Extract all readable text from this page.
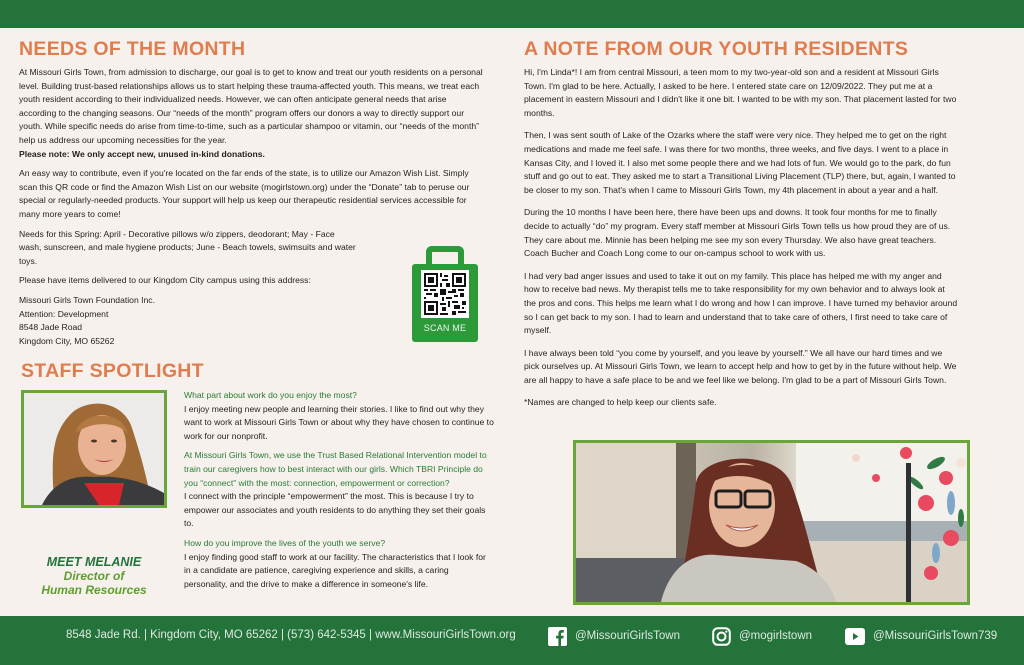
NEEDS OF THE MONTH

At Missouri Girls Town, from admission to discharge, our goal is to get to know and treat our youth residents on a personal level. Building trust-based relationships allows us to start helping these trauma-affected youth. This means, we treat each youth resident according to their individualized needs. However, we can often anticipate general needs that arise according to the changing seasons. Our “needs of the month” program offers our donors a way to directly support our youth. While specific needs do arise from time-to-time, such as a particular shampoo or vitamin, our “needs of the month” help us address our upcoming necessities for the year.

Please note: We only accept new, unused in-kind donations.

An easy way to contribute, even if you're located on the far ends of the state, is to utilize our Amazon Wish List. Simply scan this QR code or find the Amazon Wish List on our website (mogirlstown.org) under the “Donate” tab to peruse our special or regularly-needed products. Your support will help us keep our therapeutic residential services accessible for many more years to come!

Needs for this Spring: April - Decorative pillows w/o zippers, deodorant; May - Face wash, sunscreen, and male hygiene products; June - Beach towels, swimsuits and water toys.

Please have items delivered to our Kingdom City campus using this address:

Missouri Girls Town Foundation Inc.
Attention: Development
8548 Jade Road
Kingdom City, MO 65262
SCAN ME
STAFF SPOTLIGHT
MEET MELANIE
Director of
Human Resources

What part about work do you enjoy the most?
I enjoy meeting new people and learning their stories. I like to find out why they want to work at Missouri Girls Town or about why they have chosen to continue to work for our nonprofit.

At Missouri Girls Town, we use the Trust Based Relational Intervention model to train our caregivers how to best interact with our girls. Which TBRI Principle do you “connect” with the most: connection, empowerment or correction?
I connect with the principle “empowerment” the most. This is because I try to empower our associates and youth residents to do anything they set their goals to.

How do you improve the lives of the youth we serve?
I enjoy finding good staff to work at our facility. The characteristics that I look for in a candidate are patience, caregiving experience and skills, a caring personality, and the drive to make a difference in someone's life.

A NOTE FROM OUR YOUTH RESIDENTS

Hi, I'm Linda*! I am from central Missouri, a teen mom to my two-year-old son and a resident at Missouri Girls Town. I'm glad to be here. Actually, I asked to be here. I entered state care on 12/09/2022. They put me at a placement in eastern Missouri and I didn't like it one bit. I wanted to be with my son. That placement lasted for two months.

Then, I was sent south of Lake of the Ozarks where the staff were very nice. They helped me to get on the right medications and made me feel safe. I was there for two months, three weeks, and five days. I went to a place in Kansas City, and I loved it. I also met some people there and we had lots of fun. We would go to the park, do fun stuff and go out to eat. They asked me to start a Transitional Living Placement (TLP) there, but, again, I wanted to be closer to my son. That's when I came to Missouri Girls Town, my 4th placement in about a year and a half.

During the 10 months I have been here, there have been ups and downs. It took four months for me to finally decide to actually “do” my program. Every staff member at Missouri Girls Town tells us how proud they are of us. They care about me. Minnie has been helping me see my son every Thursday. We also have great teachers. Coach Bucher and Coach Long come to our on-campus school to work with us.

I had very bad anger issues and used to take it out on my family. This place has helped me with my anger and how to receive bad news. My therapist tells me to take responsibility for my own behavior and to always look at the pros and cons. This helps me learn what I do wrong and how I can improve. I have turned my behavior around so I can get back to my son. I had to learn and understand that to take care of others, I first need to take care of myself.

I have always been told “you come by yourself, and you leave by yourself.” We all have our hard times and we pick ourselves up. At Missouri Girls Town, we learn to accept help and how to get by in the future without help. We are all happy to have a safe place to be and we feel like we belong. I'm glad to be a part of Missouri Girls Town.

*Names are changed to help keep our clients safe.

8548 Jade Rd. | Kingdom City, MO 65262 | (573) 642-5345 | www.MissouriGirlsTown.org	@MissouriGirlsTown	@mogirlstown	@MissouriGirlsTown739
